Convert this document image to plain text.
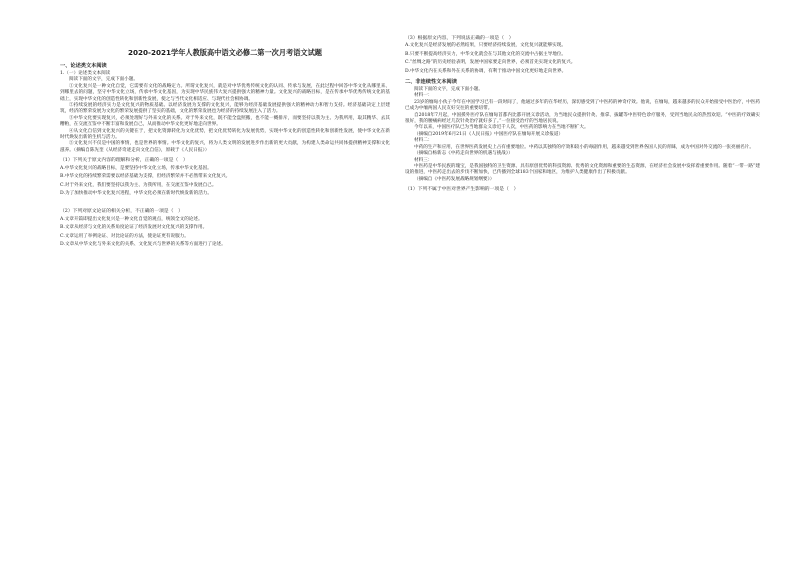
2020-2021学年人教版高中语文必修二第一次月考语文试题
一、论述类文本阅读

1.（一）论述类文本阅读

阅读下面的文字，完成下面小题。

①文化复兴是一种文化自觉，它需要有文化的战略定力。所谓文化复兴，就是对中华优秀传统文化的认同、传承与发展，在此过程中回答中华文化从哪里来、到哪里去的问题，坚守中华文化立场，传承中华文化基因，为实现中华民族伟大复兴提供强大的精神力量。文化复兴的战略目标，是在传承中华优秀传统文化的基础上，实现中华文化的创造性转化和创新性发展，使之与当代文化相适应、与现代社会相协调。

②持续发展的经济实力是文化复兴的物质基础。以经济发展为支撑的文化复兴，能够为经济基础发展提供强大的精神动力和智力支持。经济基础决定上层建筑，经济的繁荣发展为文化的繁荣发展提供了坚实的基础，文化的繁荣发展也为经济的持续发展注入了活力。

③中华文化要实现复兴，必须处理好与外来文化的关系。对于外来文化，既不能全盘照搬，也不能一概排斥，而要坚持以我为主、为我所用，取其精华、去其糟粕，在交流互鉴中不断丰富和发展自己，从而推动中华文化更好地走向世界。

④从文化自信到文化复兴的关键在于，把文化资源转化为文化优势，把文化优势转化为发展优势，实现中华文化的创造性转化和创新性发展，使中华文化在新时代焕发出新的生机与活力。

⑤文化复兴不仅是中国的事情，也是世界的事情。中华文化的复兴，将为人类文明的发展进步作出新的更大贡献，为构建人类命运共同体提供精神支撑和文化滋养。（摘编自陈先奎《从经济奇迹走向文化自信》，原载于《人民日报》）

（1）下列关于原文内容的理解和分析，正确的一项是（　）

A.中华文化复兴的战略目标，是要坚持中华文化立场，传承中华文化基因。

B.中华文化的持续繁荣需要以经济基础为支撑，但经济繁荣并不必然带来文化复兴。

C.对于外来文化，我们要坚持以我为主、为我所用，在交流互鉴中发展自己。

D.为了加快推动中华文化复兴进程，中华文化必须在新时代焕发新的活力。

（2）下列对原文论证的相关分析，不正确的一项是（　）

A.文章开篇即提出文化复兴是一种文化自觉的观点，统领全文的论述。

B.文章从经济与文化的关系角度论证了经济发展对文化复兴的支撑作用。

C.文章运用了举例论证、对比论证的方法，使论证更有说服力。

D.文章从中华文化与外来文化的关系、文化复兴与世界的关系等方面进行了论述。

（3）根据原文内容，下列说法正确的一项是（　）

A.文化复兴是经济发展的必然结果，只要经济持续发展，文化复兴就能够实现。

B.只要不断提高经济实力，中华文化就会在与其他文化的交流中占据主导地位。

C.“丝绸之路”的历史经验表明，发展中国家要走向世界，必须首先实现文化的复兴。

D.中华文化内在关系和外在关系的协调，有利于推动中国文化更好地走向世界。

二、非连续性文本阅读

阅读下面的文字，完成下面小题。

材料一：

23岁的缅甸小伙子今年在中国学习已有一段时间了，他通过多年的在华经历，深切感受到了中医药的神奇疗效。他说，在缅甸，越来越多的民众开始接受中医治疗，中医药已成为中缅两国人民友好交往的重要纽带。

自2018年7月起，中国援外医疗队在缅甸首都内比都开展义诊活动，为当地民众提供针灸、推拿、拔罐等中医特色诊疗服务，受到当地民众的热烈欢迎。“中医的疗效确实很好，我的腰痛病经过几次针灸治疗就好多了。”一位接受治疗的当地居民说。

今年以来，中国医疗队已为当地群众义诊近千人次，中医药的影响力在当地不断扩大。

（摘编自2019年6月21日《人民日报》中国医疗队在缅甸开展义诊报道）

材料二：

中药的生产和应用，在世界医药发展史上占有重要地位。中药以其独特的疗效和较小的毒副作用，越来越受到世界各国人民的青睐，成为中国对外交流的一张亮丽名片。

（摘编自杨新志《中药走向世界的机遇与挑战》）

材料三：

中医药是中华民族的瑰宝，是我国独特的卫生资源、具有原创优势的科技资源、优秀的文化资源和重要的生态资源，在经济社会发展中发挥着重要作用。随着“一带一路”建设的推进，中医药走出去的步伐不断加快，已传播到全球183个国家和地区，为维护人类健康作出了积极贡献。

（摘编自《中医药发展战略规划纲要》）

（1）下列不属于中医对世界产生影响的一项是（　）
